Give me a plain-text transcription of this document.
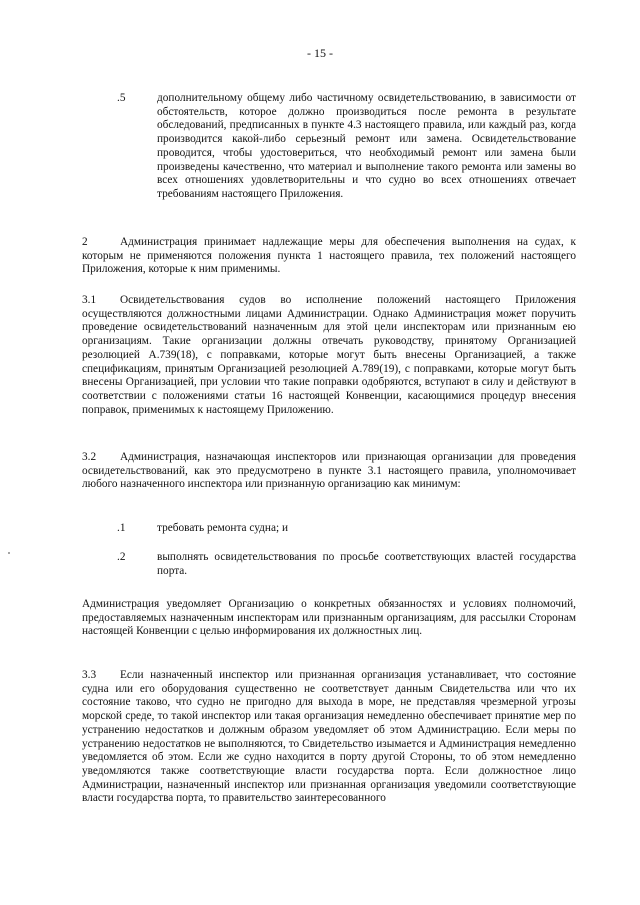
- 15 -
.5	дополнительному общему либо частичному освидетельствованию, в зависимости от обстоятельств, которое должно производиться после ремонта в результате обследований, предписанных в пункте 4.3 настоящего правила, или каждый раз, когда производится какой-либо серьезный ремонт или замена. Освидетельствование проводится, чтобы удостовериться, что необходимый ремонт или замена были произведены качественно, что материал и выполнение такого ремонта или замены во всех отношениях удовлетворительны и что судно во всех отношениях отвечает требованиям настоящего Приложения.
2	Администрация принимает надлежащие меры для обеспечения выполнения на судах, к которым не применяются положения пункта 1 настоящего правила, тех положений настоящего Приложения, которые к ним применимы.
3.1 Освидетельствования судов во исполнение положений настоящего Приложения осуществляются должностными лицами Администрации. Однако Администрация может поручить проведение освидетельствований назначенным для этой цели инспекторам или признанным ею организациям. Такие организации должны отвечать руководству, принятому Организацией резолюцией А.739(18), с поправками, которые могут быть внесены Организацией, а также спецификациям, принятым Организацией резолюцией А.789(19), с поправками, которые могут быть внесены Организацией, при условии что такие поправки одобряются, вступают в силу и действуют в соответствии с положениями статьи 16 настоящей Конвенции, касающимися процедур внесения поправок, применимых к настоящему Приложению.
3.2 Администрация, назначающая инспекторов или признающая организации для проведения освидетельствований, как это предусмотрено в пункте 3.1 настоящего правила, уполномочивает любого назначенного инспектора или признанную организацию как минимум:
.1	требовать ремонта судна; и
.2	выполнять освидетельствования по просьбе соответствующих властей государства порта.
Администрация уведомляет Организацию о конкретных обязанностях и условиях полномочий, предоставляемых назначенным инспекторам или признанным организациям, для рассылки Сторонам настоящей Конвенции с целью информирования их должностных лиц.
3.3 Если назначенный инспектор или признанная организация устанавливает, что состояние судна или его оборудования существенно не соответствует данным Свидетельства или что их состояние таково, что судно не пригодно для выхода в море, не представляя чрезмерной угрозы морской среде, то такой инспектор или такая организация немедленно обеспечивает принятие мер по устранению недостатков и должным образом уведомляет об этом Администрацию. Если меры по устранению недостатков не выполняются, то Свидетельство изымается и Администрация немедленно уведомляется об этом. Если же судно находится в порту другой Стороны, то об этом немедленно уведомляются также соответствующие власти государства порта. Если должностное лицо Администрации, назначенный инспектор или признанная организация уведомили соответствующие власти государства порта, то правительство заинтересованного
